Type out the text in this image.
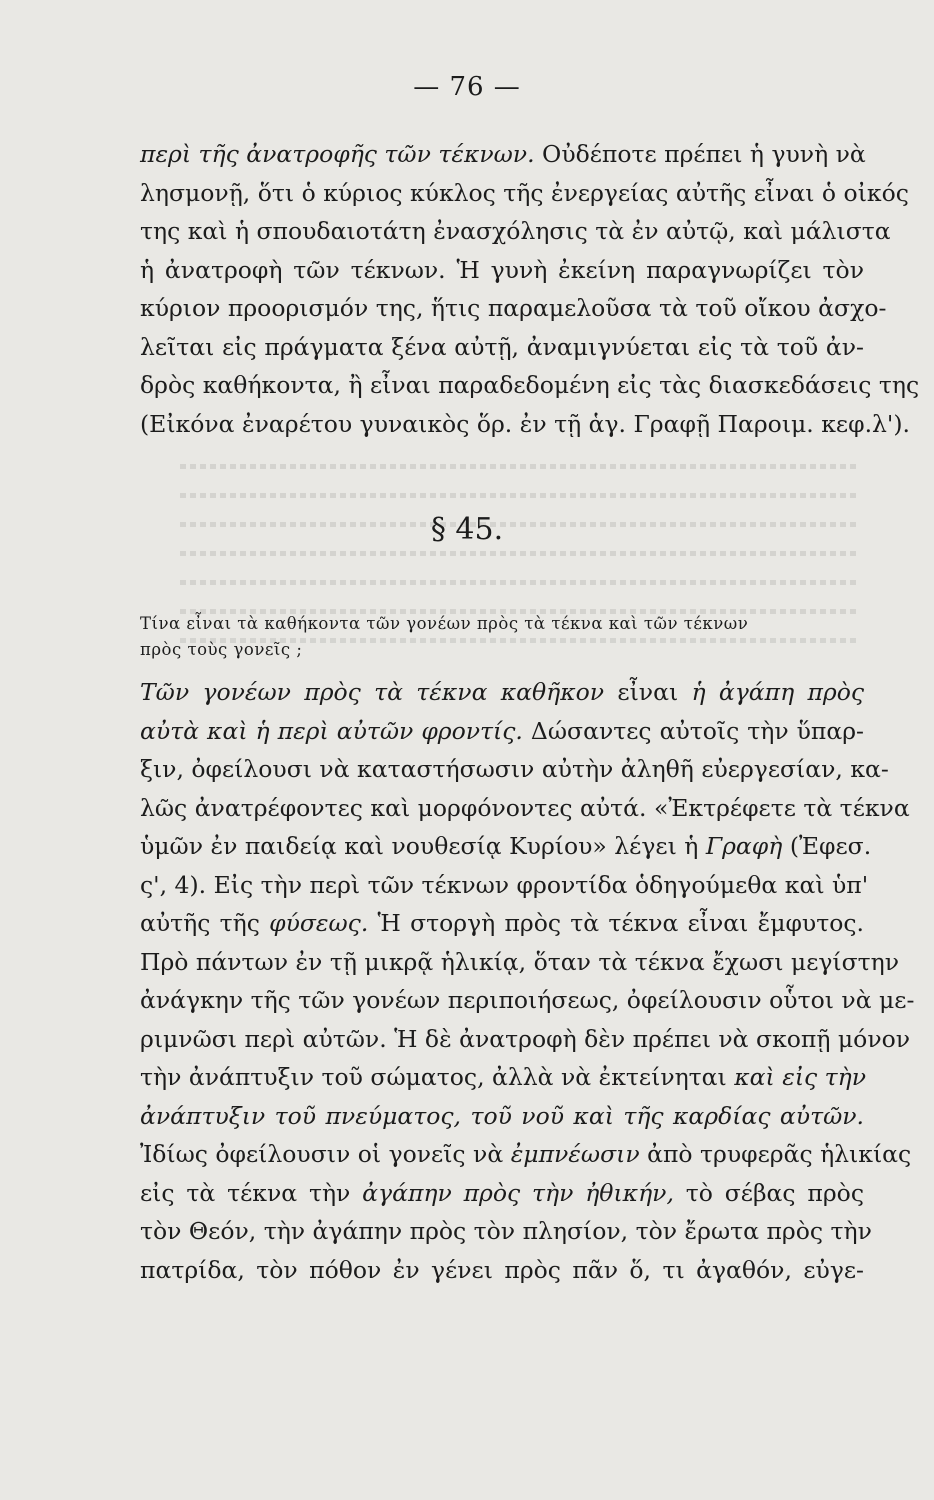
— 76 —
περὶ τῆς ἀνατροφῆς τῶν τέκνων. Οὐδέποτε πρέπει ἡ γυνὴ νὰ
λησμονῇ, ὅτι ὁ κύριος κύκλος τῆς ἐνεργείας αὐτῆς εἶναι ὁ οἰκός
της καὶ ἡ σπουδαιοτάτη ἐνασχόλησις τὰ ἐν αὐτῷ, καὶ μάλιστα
ἡ ἀνατροφὴ τῶν τέκνων. Ἡ γυνὴ ἐκείνη παραγνωρίζει τὸν
κύριον προορισμόν της, ἥτις παραμελοῦσα τὰ τοῦ οἴκου ἀσχο-
λεῖται εἰς πράγματα ξένα αὐτῇ, ἀναμιγνύεται εἰς τὰ τοῦ ἀν-
δρὸς καθήκοντα, ἢ εἶναι παραδεδομένη εἰς τὰς διασκεδάσεις της
(Εἰκόνα ἐναρέτου γυναικὸς ὅρ. ἐν τῇ ἁγ. Γραφῇ Παροιμ. κεφ.λ').
§ 45.
Τίνα εἶναι τὰ καθήκοντα τῶν γονέων πρὸς τὰ τέκνα καὶ τῶν τέκνων
πρὸς τοὺς γονεῖς ;
Τῶν γονέων πρὸς τὰ τέκνα καθῆκον εἶναι ἡ ἀγάπη πρὸς
αὐτὰ καὶ ἡ περὶ αὐτῶν φροντίς. Δώσαντες αὐτοῖς τὴν ὕπαρ-
ξιν, ὀφείλουσι νὰ καταστήσωσιν αὐτὴν ἀληθῆ εὐεργεσίαν, κα-
λῶς ἀνατρέφοντες καὶ μορφόνοντες αὐτά. «Ἐκτρέφετε τὰ τέκνα
ὑμῶν ἐν παιδείᾳ καὶ νουθεσίᾳ Κυρίου» λέγει ἡ Γραφὴ (Ἐφεσ.
ς', 4). Εἰς τὴν περὶ τῶν τέκνων φροντίδα ὁδηγούμεθα καὶ ὑπ'
αὐτῆς τῆς φύσεως. Ἡ στοργὴ πρὸς τὰ τέκνα εἶναι ἔμφυτος.
Πρὸ πάντων ἐν τῇ μικρᾷ ἡλικίᾳ, ὅταν τὰ τέκνα ἔχωσι μεγίστην
ἀνάγκην τῆς τῶν γονέων περιποιήσεως, ὀφείλουσιν οὗτοι νὰ με-
ριμνῶσι περὶ αὐτῶν. Ἡ δὲ ἀνατροφὴ δὲν πρέπει νὰ σκοπῇ μόνον
τὴν ἀνάπτυξιν τοῦ σώματος, ἀλλὰ νὰ ἐκτείνηται καὶ εἰς τὴν
ἀνάπτυξιν τοῦ πνεύματος, τοῦ νοῦ καὶ τῆς καρδίας αὐτῶν.
Ἰδίως ὀφείλουσιν οἱ γονεῖς νὰ ἐμπνέωσιν ἀπὸ τρυφερᾶς ἡλικίας
εἰς τὰ τέκνα τὴν ἀγάπην πρὸς τὴν ἠθικήν, τὸ σέβας πρὸς
τὸν Θεόν, τὴν ἀγάπην πρὸς τὸν πλησίον, τὸν ἔρωτα πρὸς τὴν
πατρίδα, τὸν πόθον ἐν γένει πρὸς πᾶν ὅ, τι ἀγαθόν, εὐγε-
